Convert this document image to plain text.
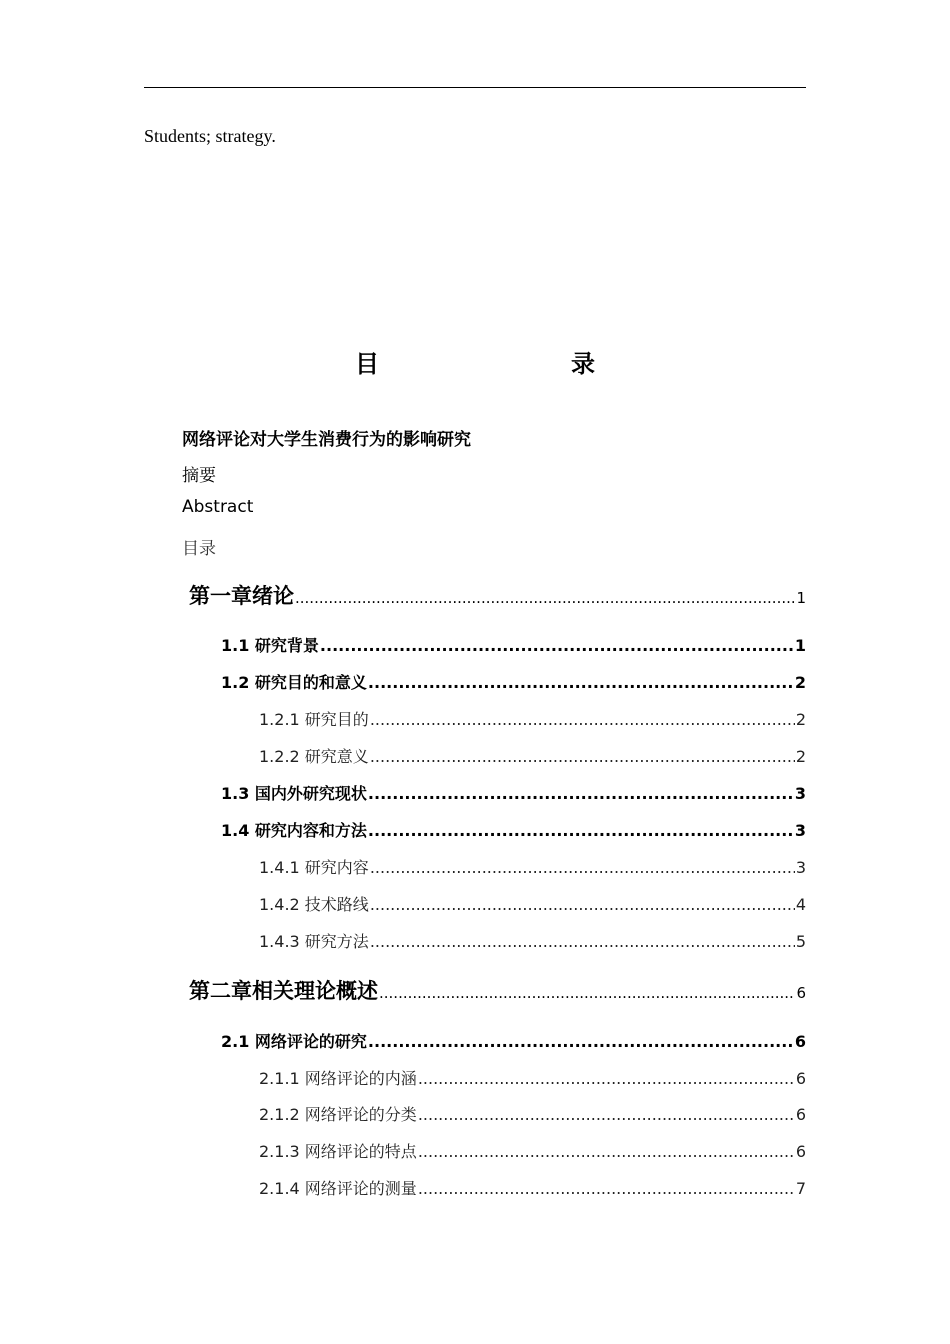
Students; strategy.
目　　录
网络评论对大学生消费行为的影响研究
摘要
Abstract
目录
第一章绪论 .....	1
1.1 研究背景 .....	1
1.2 研究目的和意义 .....	2
1.2.1 研究目的 .....	2
1.2.2 研究意义 .....	2
1.3 国内外研究现状 .....	3
1.4 研究内容和方法 .....	3
1.4.1 研究内容 .....	3
1.4.2 技术路线 .....	4
1.4.3 研究方法 .....	5
第二章相关理论概述 .....	6
2.1 网络评论的研究 .....	6
2.1.1 网络评论的内涵 .....	6
2.1.2 网络评论的分类 .....	6
2.1.3 网络评论的特点 .....	6
2.1.4 网络评论的测量 .....	7
